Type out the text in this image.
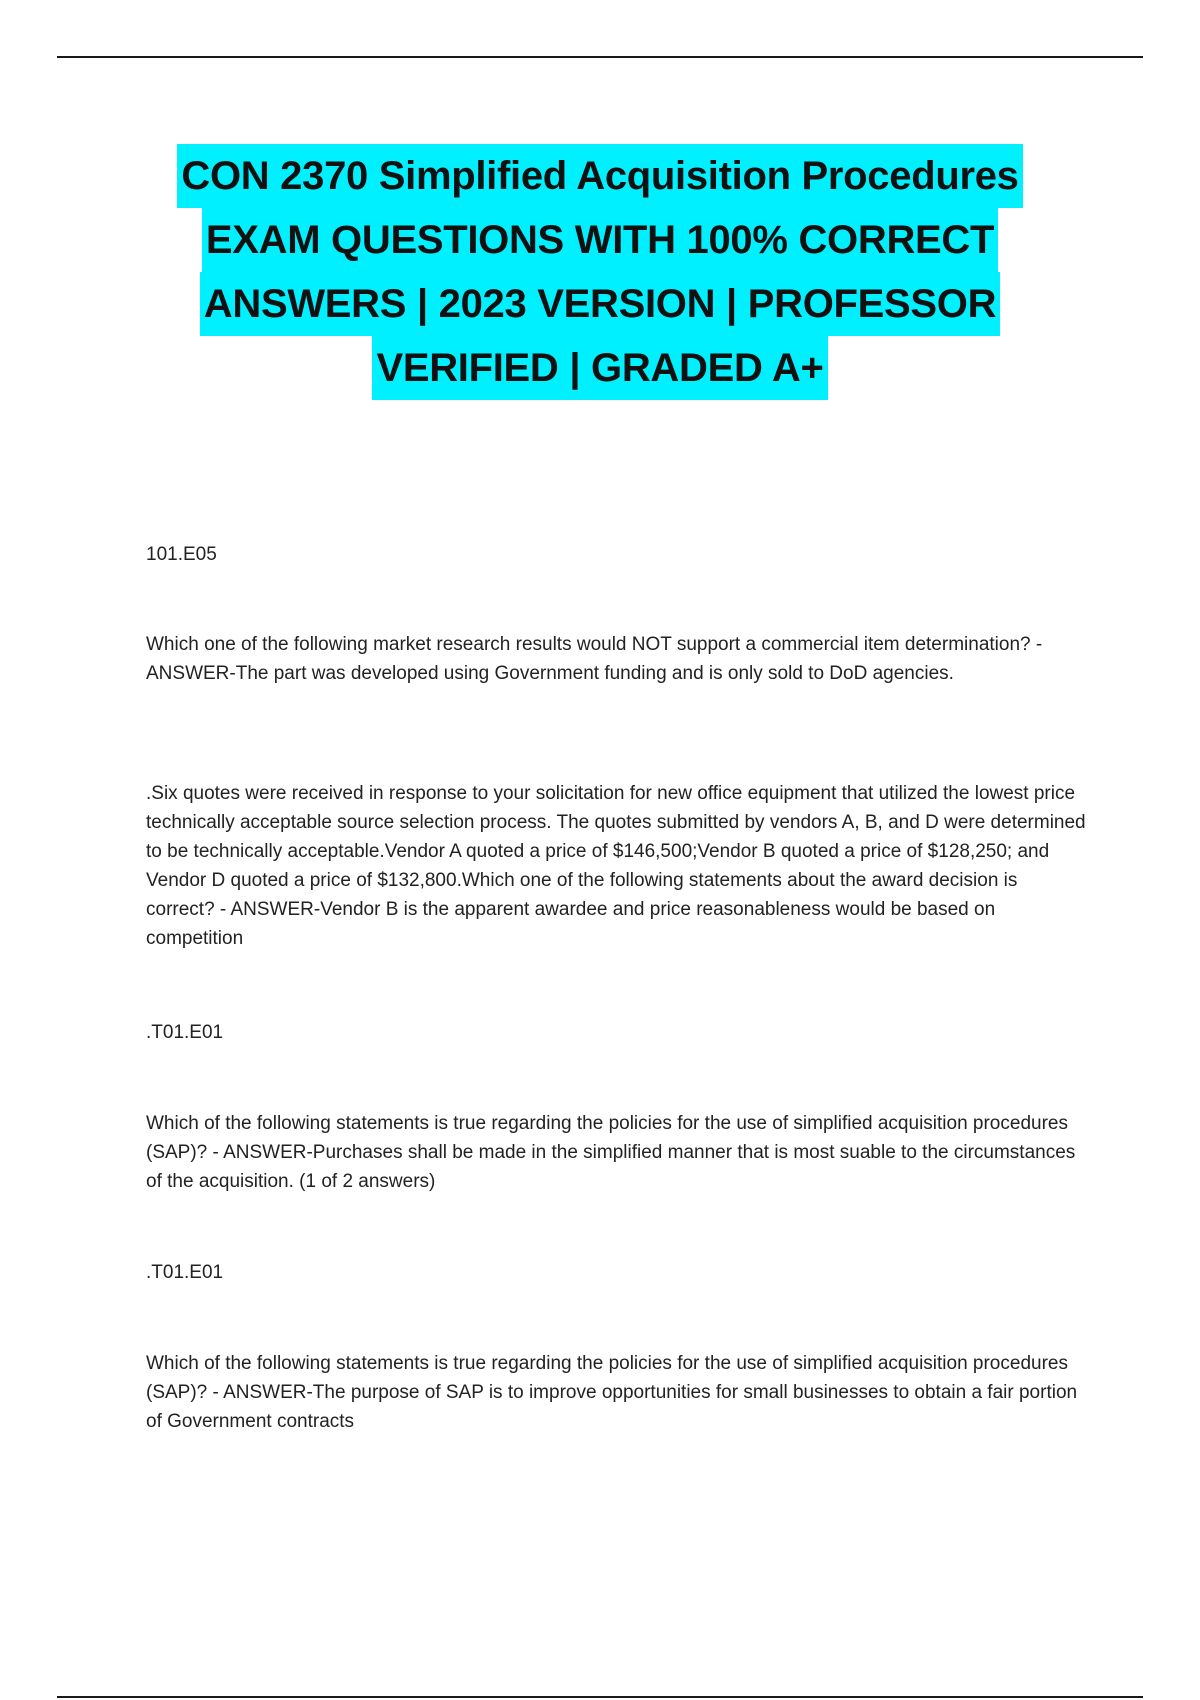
CON 2370 Simplified Acquisition Procedures
EXAM QUESTIONS WITH 100% CORRECT
ANSWERS | 2023 VERSION | PROFESSOR
VERIFIED | GRADED A+

101.E05

Which one of the following market research results would NOT support a commercial item determination? - ANSWER-The part was developed using Government funding and is only sold to DoD agencies.

.Six quotes were received in response to your solicitation for new office equipment that utilized the lowest price technically acceptable source selection process. The quotes submitted by vendors A, B, and D were determined to be technically acceptable.Vendor A quoted a price of $146,500;Vendor B quoted a price of $128,250; and Vendor D quoted a price of $132,800.Which one of the following statements about the award decision is correct? - ANSWER-Vendor B is the apparent awardee and price reasonableness would be based on competition

.T01.E01

Which of the following statements is true regarding the policies for the use of simplified acquisition procedures (SAP)? - ANSWER-Purchases shall be made in the simplified manner that is most suable to the circumstances of the acquisition. (1 of 2 answers)

.T01.E01

Which of the following statements is true regarding the policies for the use of simplified acquisition procedures (SAP)? - ANSWER-The purpose of SAP is to improve opportunities for small businesses to obtain a fair portion of Government contracts
